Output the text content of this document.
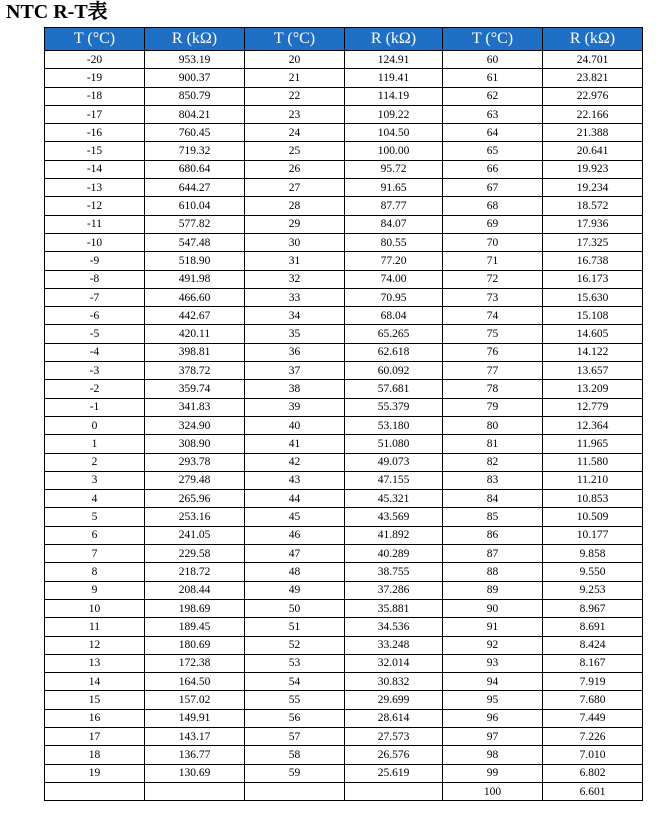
NTC R-T表
T (°C)	R (kΩ)	T (°C)	R (kΩ)	T (°C)	R (kΩ)
-20	953.19	20	124.91	60	24.701
-19	900.37	21	119.41	61	23.821
-18	850.79	22	114.19	62	22.976
-17	804.21	23	109.22	63	22.166
-16	760.45	24	104.50	64	21.388
-15	719.32	25	100.00	65	20.641
-14	680.64	26	95.72	66	19.923
-13	644.27	27	91.65	67	19.234
-12	610.04	28	87.77	68	18.572
-11	577.82	29	84.07	69	17.936
-10	547.48	30	80.55	70	17.325
-9	518.90	31	77.20	71	16.738
-8	491.98	32	74.00	72	16.173
-7	466.60	33	70.95	73	15.630
-6	442.67	34	68.04	74	15.108
-5	420.11	35	65.265	75	14.605
-4	398.81	36	62.618	76	14.122
-3	378.72	37	60.092	77	13.657
-2	359.74	38	57.681	78	13.209
-1	341.83	39	55.379	79	12.779
0	324.90	40	53.180	80	12.364
1	308.90	41	51.080	81	11.965
2	293.78	42	49.073	82	11.580
3	279.48	43	47.155	83	11.210
4	265.96	44	45.321	84	10.853
5	253.16	45	43.569	85	10.509
6	241.05	46	41.892	86	10.177
7	229.58	47	40.289	87	9.858
8	218.72	48	38.755	88	9.550
9	208.44	49	37.286	89	9.253
10	198.69	50	35.881	90	8.967
11	189.45	51	34.536	91	8.691
12	180.69	52	33.248	92	8.424
13	172.38	53	32.014	93	8.167
14	164.50	54	30.832	94	7.919
15	157.02	55	29.699	95	7.680
16	149.91	56	28.614	96	7.449
17	143.17	57	27.573	97	7.226
18	136.77	58	26.576	98	7.010
19	130.69	59	25.619	99	6.802
				100	6.601
